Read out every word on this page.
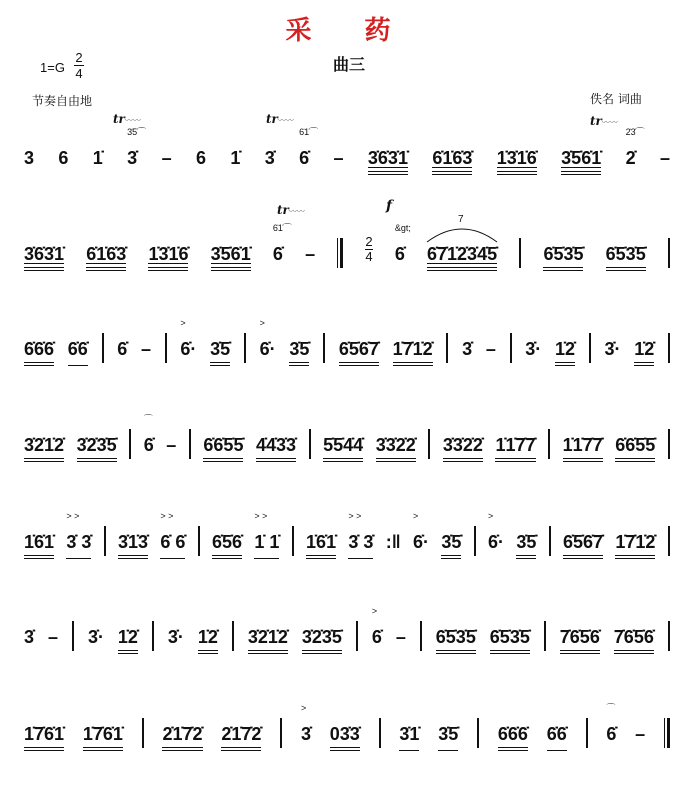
采 药
曲三
1=G
2
4
节奏自由地	佚名 词曲
tr〰〰	tr〰〰	tr〰〰
tr〰〰	f
7
3 6 1̇ 3̇
3̇5̇⌒
– 6 1̇ 3̇ 6̇
6̇1̇⌒
– 3̇6̇3̇1̇ 6̇1̇6̇3̇ 1̇3̇1̇6̇ 3̇5̇6̇1̇ 2̇
2̇3̇⌒
–
3̇6̇3̇1̇ 6̇1̇6̇3̇ 1̇3̇1̇6̇ 3̇5̇6̇1̇ 6̇
6̇1̇⌒
–
2
4 6̇
&gt;
6̇7̇1̇2̇3̇4̇5̇	6̇5̇3̇5̇ 6̇5̇3̇5̇
6̇6̇6̇ 6̇6̇ 6̇ – 6̇·
>
3̇5̇ 6̇·
>
3̇5̇ 6̇5̇6̇7̇ 1̇7̇1̇2̇ 3̇ – 3̇· 1̇2̇ 3̇· 1̇2̇
3̇2̇1̇2̇ 3̇2̇3̇5̇ 6̇
⌒
– 6̇6̇5̇5̇ 4̇4̇3̇3̇ 5̇5̇4̇4̇ 3̇3̇2̇2̇ 3̇3̇2̇2̇ 1̇1̇7̇7̇ 1̇1̇7̇7̇ 6̇6̇5̇5̇
1̇6̇1̇ 3̇ 3̇
> >
3̇1̇3̇ 6̇ 6̇
> >
6̇5̇6̇ 1̇ 1̇
> >
1̇6̇1̇ 3̇ 3̇
> >
:‖ 6̇·
>
3̇5̇ 6̇·
>
3̇5̇ 6̇5̇6̇7̇ 1̇7̇1̇2̇
3̇ – 3̇· 1̇2̇ 3̇· 1̇2̇ 3̇2̇1̇2̇ 3̇2̇3̇5̇ 6̇
>
– 6̇5̇3̇5̇ 6̇5̇3̇5̇ 7̇6̇5̇6̇ 7̇6̇5̇6̇
1̇7̇6̇1̇ 1̇7̇6̇1̇ 2̇1̇7̇2̇ 2̇1̇7̇2̇ 3̇
>
03̇3̇ 3̇1̇ 3̇5̇ 6̇6̇6̇ 6̇6̇ 6̇
⌒
–
